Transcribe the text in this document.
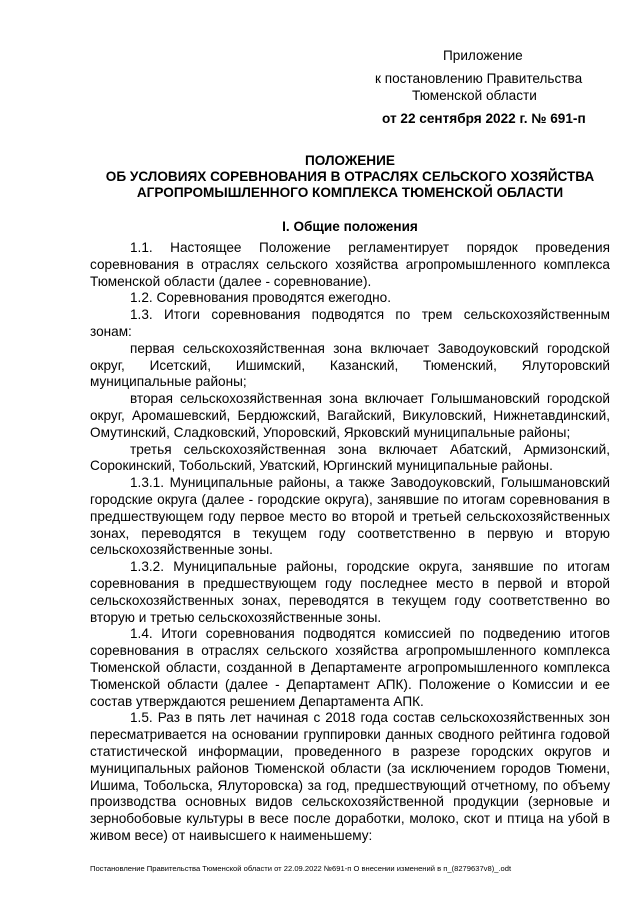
Приложение
к постановлению Правительства
Тюменской области
от 22 сентября 2022 г. № 691-п
ПОЛОЖЕНИЕ
ОБ УСЛОВИЯХ СОРЕВНОВАНИЯ В ОТРАСЛЯХ СЕЛЬСКОГО ХОЗЯЙСТВА
АГРОПРОМЫШЛЕННОГО КОМПЛЕКСА ТЮМЕНСКОЙ ОБЛАСТИ
I. Общие положения

1.1. Настоящее Положение регламентирует порядок проведения соревнования в отраслях сельского хозяйства агропромышленного комплекса Тюменской области (далее - соревнование).

1.2. Соревнования проводятся ежегодно.

1.3. Итоги соревнования подводятся по трем сельскохозяйственным зонам:

первая сельскохозяйственная зона включает Заводоуковский городской округ, Исетский, Ишимский, Казанский, Тюменский, Ялуторовский муниципальные районы;

вторая сельскохозяйственная зона включает Голышмановский городской округ, Аромашевский, Бердюжский, Вагайский, Викуловский, Нижнетавдинский, Омутинский, Сладковский, Упоровский, Ярковский муниципальные районы;

третья сельскохозяйственная зона включает Абатский, Армизонский, Сорокинский, Тобольский, Уватский, Юргинский муниципальные районы.

1.3.1. Муниципальные районы, а также Заводоуковский, Голышмановский городские округа (далее - городские округа), занявшие по итогам соревнования в предшествующем году первое место во второй и третьей сельскохозяйственных зонах, переводятся в текущем году соответственно в первую и вторую сельскохозяйственные зоны.

1.3.2. Муниципальные районы, городские округа, занявшие по итогам соревнования в предшествующем году последнее место в первой и второй сельскохозяйственных зонах, переводятся в текущем году соответственно во вторую и третью сельскохозяйственные зоны.

1.4. Итоги соревнования подводятся комиссией по подведению итогов соревнования в отраслях сельского хозяйства агропромышленного комплекса Тюменской области, созданной в Департаменте агропромышленного комплекса Тюменской области (далее - Департамент АПК). Положение о Комиссии и ее состав утверждаются решением Департамента АПК.

1.5. Раз в пять лет начиная с 2018 года состав сельскохозяйственных зон пересматривается на основании группировки данных сводного рейтинга годовой статистической информации, проведенного в разрезе городских округов и муниципальных районов Тюменской области (за исключением городов Тюмени, Ишима, Тобольска, Ялуторовска) за год, предшествующий отчетному, по объему производства основных видов сельскохозяйственной продукции (зерновые и зернобобовые культуры в весе после доработки, молоко, скот и птица на убой в живом весе) от наивысшего к наименьшему:

Постановление Правительства Тюменской области от 22.09.2022 №691-п О внесении изменений в п_(8279637v8)_.odt
